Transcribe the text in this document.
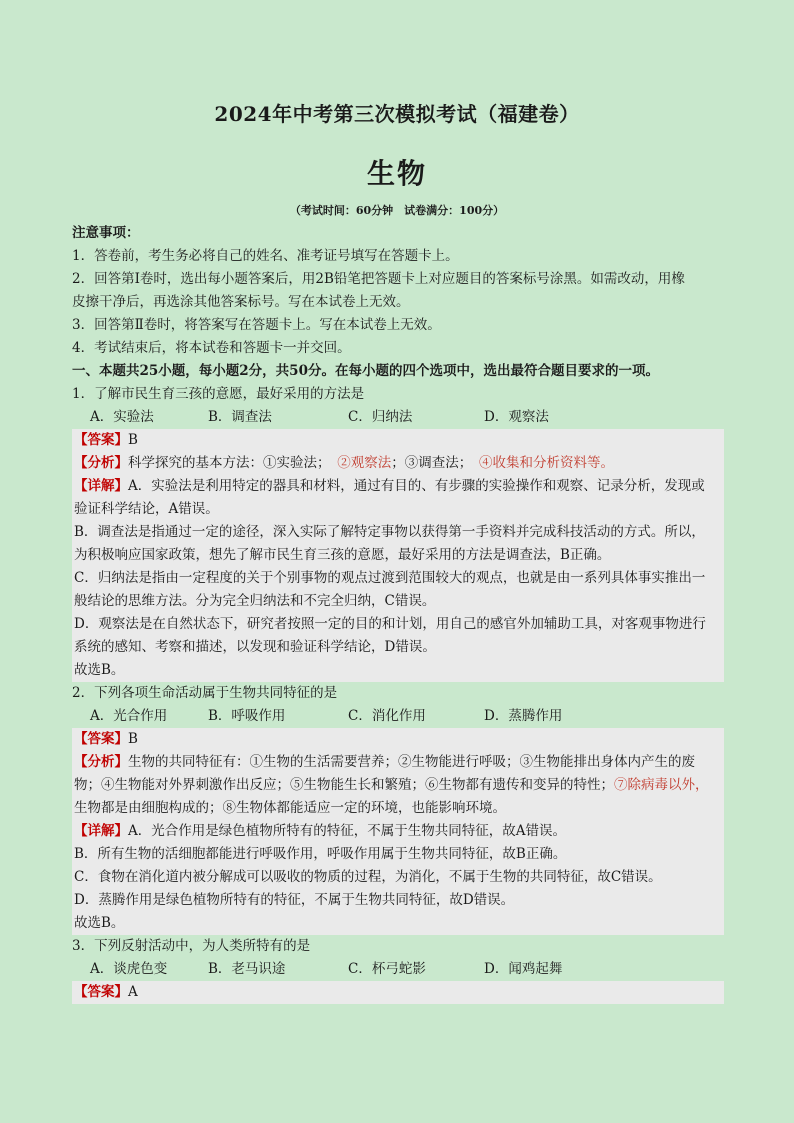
2024年中考第三次模拟考试（福建卷）
生物
（考试时间：60分钟　试卷满分：100分）
注意事项：
1．答卷前，考生务必将自己的姓名、准考证号填写在答题卡上。
2．回答第Ⅰ卷时，选出每小题答案后，用2B铅笔把答题卡上对应题目的答案标号涂黑。如需改动，用橡
皮擦干净后，再选涂其他答案标号。写在本试卷上无效。
3．回答第Ⅱ卷时，将答案写在答题卡上。写在本试卷上无效。
4．考试结束后，将本试卷和答题卡一并交回。
一、本题共25小题，每小题2分，共50分。在每小题的四个选项中，选出最符合题目要求的一项。
1．了解市民生育三孩的意愿，最好采用的方法是
A．实验法	B．调查法	C．归纳法	D．观察法
【答案】B
【分析】科学探究的基本方法：①实验法；　 ②观察法；③调查法；　 ④收集和分析资料等。
【详解】A．实验法是利用特定的器具和材料，通过有目的、有步骤的实验操作和观察、记录分析，发现或
验证科学结论，A错误。
B．调查法是指通过一定的途径，深入实际了解特定事物以获得第一手资料并完成科技活动的方式。所以，
为积极响应国家政策，想先了解市民生育三孩的意愿，最好采用的方法是调查法，B正确。
C．归纳法是指由一定程度的关于个别事物的观点过渡到范围较大的观点，也就是由一系列具体事实推出一
般结论的思维方法。分为完全归纳法和不完全归纳，C错误。
D．观察法是在自然状态下，研究者按照一定的目的和计划，用自己的感官外加辅助工具，对客观事物进行
系统的感知、考察和描述，以发现和验证科学结论，D错误。
故选B。
2．下列各项生命活动属于生物共同特征的是
A．光合作用	B．呼吸作用	C．消化作用	D．蒸腾作用
【答案】B
【分析】生物的共同特征有：①生物的生活需要营养；②生物能进行呼吸；③生物能排出身体内产生的废
物；④生物能对外界刺激作出反应；⑤生物能生长和繁殖；⑥生物都有遗传和变异的特性；⑦除病毒以外，
生物都是由细胞构成的；⑧生物体都能适应一定的环境，也能影响环境。
【详解】A．光合作用是绿色植物所特有的特征，不属于生物共同特征，故A错误。
B．所有生物的活细胞都能进行呼吸作用，呼吸作用属于生物共同特征，故B正确。
C．食物在消化道内被分解成可以吸收的物质的过程，为消化，不属于生物的共同特征，故C错误。
D．蒸腾作用是绿色植物所特有的特征，不属于生物共同特征，故D错误。
故选B。
3．下列反射活动中，为人类所特有的是
A．谈虎色变	B．老马识途	C．杯弓蛇影	D．闻鸡起舞
【答案】A
